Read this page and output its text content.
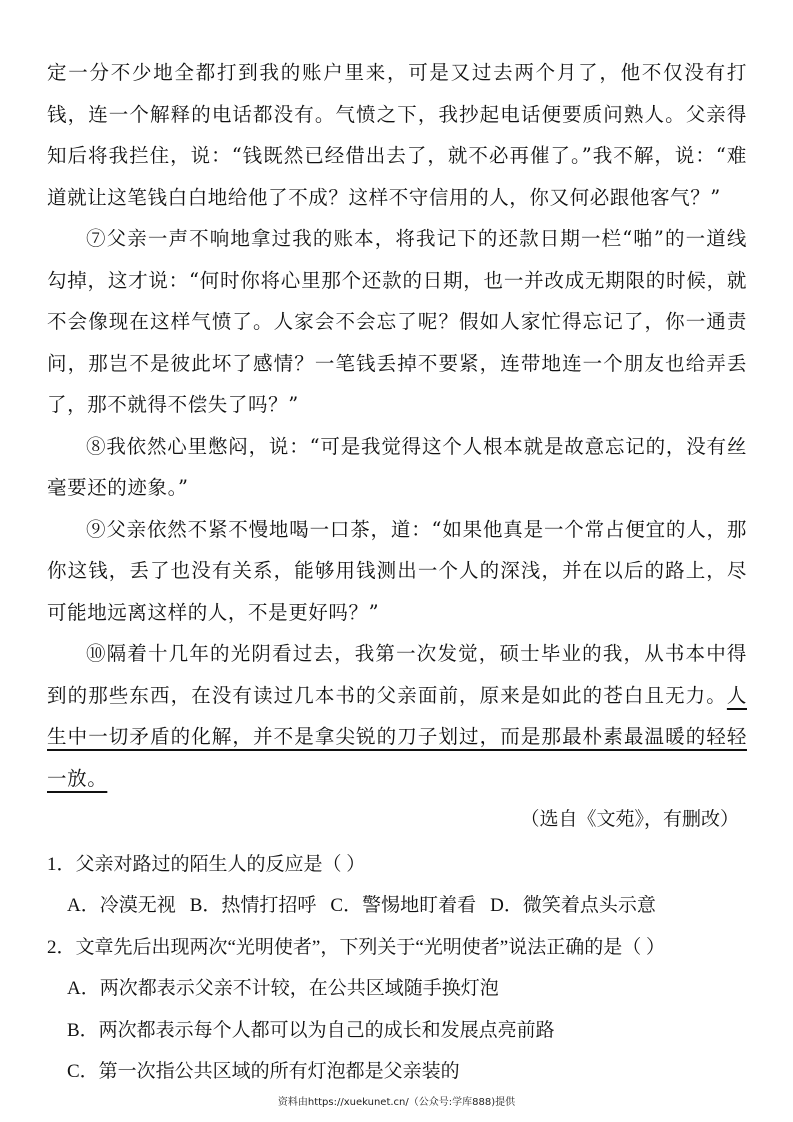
定一分不少地全都打到我的账户里来，可是又过去两个月了，他不仅没有打钱，连一个解释的电话都没有。气愤之下，我抄起电话便要质问熟人。父亲得知后将我拦住，说：“钱既然已经借出去了，就不必再催了。”我不解，说：“难道就让这笔钱白白地给他了不成？这样不守信用的人，你又何必跟他客气？”

⑦父亲一声不响地拿过我的账本，将我记下的还款日期一栏“啪”的一道线勾掉，这才说：“何时你将心里那个还款的日期，也一并改成无期限的时候，就不会像现在这样气愤了。人家会不会忘了呢？假如人家忙得忘记了，你一通责问，那岂不是彼此坏了感情？一笔钱丢掉不要紧，连带地连一个朋友也给弄丢了，那不就得不偿失了吗？”

⑧我依然心里憋闷，说：“可是我觉得这个人根本就是故意忘记的，没有丝毫要还的迹象。”

⑨父亲依然不紧不慢地喝一口茶，道：“如果他真是一个常占便宜的人，那你这钱，丢了也没有关系，能够用钱测出一个人的深浅，并在以后的路上，尽可能地远离这样的人，不是更好吗？”

⑩隔着十几年的光阴看过去，我第一次发觉，硕士毕业的我，从书本中得到的那些东西，在没有读过几本书的父亲面前，原来是如此的苍白且无力。人生中一切矛盾的化解，并不是拿尖锐的刀子划过，而是那最朴素最温暖的轻轻一放。

（选自《文苑》，有删改）

1．父亲对路过的陌生人的反应是（ ）

A．冷漠无视 B．热情打招呼 C．警惕地盯着看 D．微笑着点头示意

2．文章先后出现两次“光明使者”，下列关于“光明使者”说法正确的是（ ）

A．两次都表示父亲不计较，在公共区域随手换灯泡

B．两次都表示每个人都可以为自己的成长和发展点亮前路

C．第一次指公共区域的所有灯泡都是父亲装的

资料由https://xuekunet.cn/（公众号:学库888)提供
